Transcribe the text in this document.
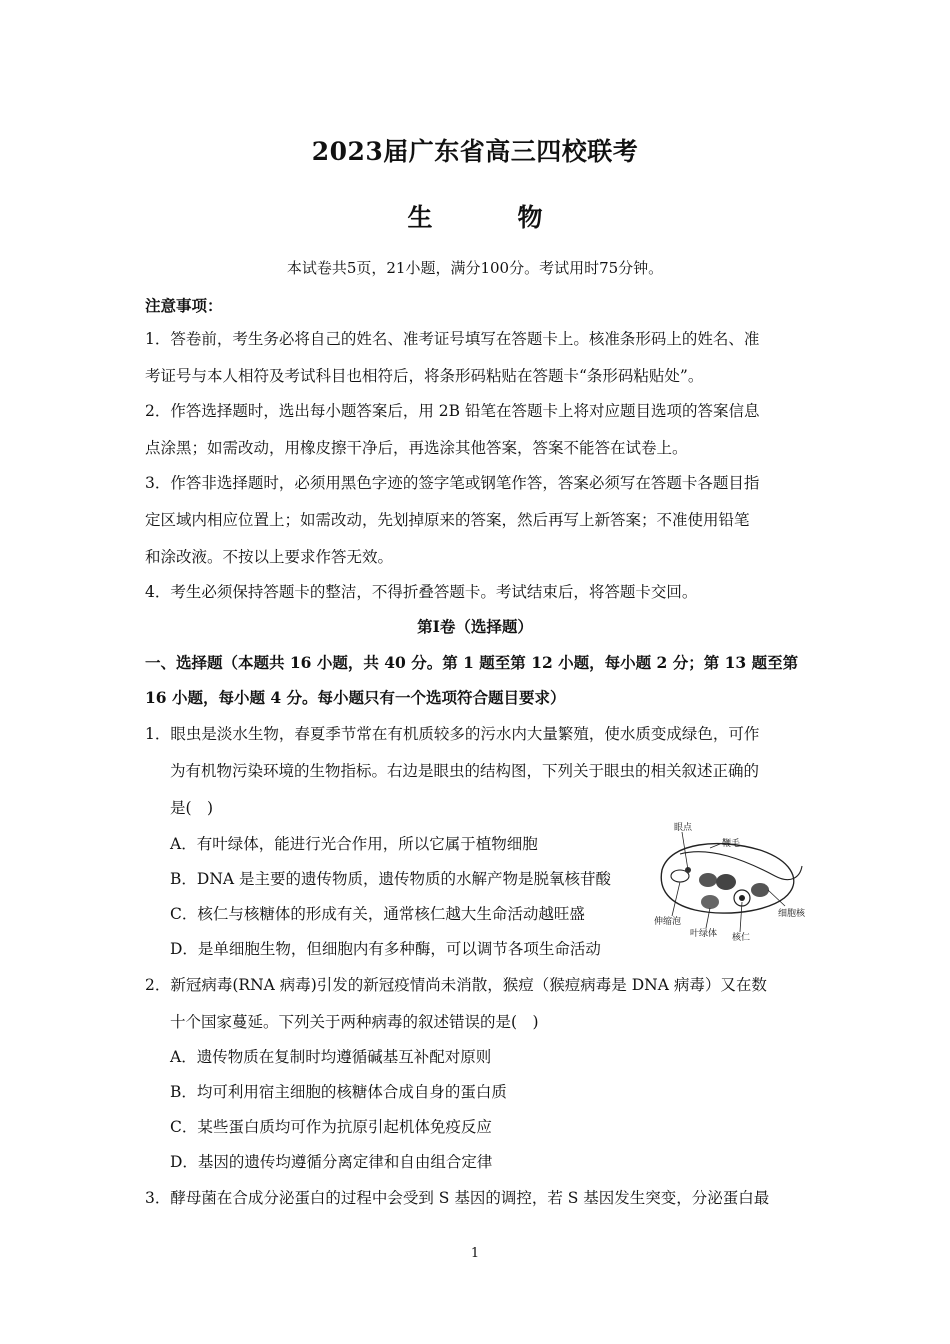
2023届广东省高三四校联考
生　物
本试卷共5页，21小题，满分100分。考试用时75分钟。
注意事项：
1．答卷前，考生务必将自己的姓名、准考证号填写在答题卡上。核准条形码上的姓名、准
考证号与本人相符及考试科目也相符后，将条形码粘贴在答题卡“条形码粘贴处”。
2．作答选择题时，选出每小题答案后，用 2B 铅笔在答题卡上将对应题目选项的答案信息
点涂黑；如需改动，用橡皮擦干净后，再选涂其他答案，答案不能答在试卷上。
3．作答非选择题时，必须用黑色字迹的签字笔或钢笔作答，答案必须写在答题卡各题目指
定区域内相应位置上；如需改动，先划掉原来的答案，然后再写上新答案；不准使用铅笔
和涂改液。不按以上要求作答无效。
4．考生必须保持答题卡的整洁，不得折叠答题卡。考试结束后，将答题卡交回。
第Ⅰ卷（选择题）
一、选择题（本题共 16 小题，共 40 分。第 1 题至第 12 小题，每小题 2 分；第 13 题至第
16 小题，每小题 4 分。每小题只有一个选项符合题目要求）
1．眼虫是淡水生物，春夏季节常在有机质较多的污水内大量繁殖，使水质变成绿色，可作
为有机物污染环境的生物指标。右边是眼虫的结构图，下列关于眼虫的相关叙述正确的
是(　)
A．有叶绿体，能进行光合作用，所以它属于植物细胞
B．DNA 是主要的遗传物质，遗传物质的水解产物是脱氧核苷酸
C．核仁与核糖体的形成有关，通常核仁越大生命活动越旺盛
D．是单细胞生物，但细胞内有多种酶，可以调节各项生命活动
眼点
鞭毛
细胞核
伸缩泡
叶绿体 核仁
2．新冠病毒(RNA 病毒)引发的新冠疫情尚未消散，猴痘（猴痘病毒是 DNA 病毒）又在数
十个国家蔓延。下列关于两种病毒的叙述错误的是(　)
A．遗传物质在复制时均遵循碱基互补配对原则
B．均可利用宿主细胞的核糖体合成自身的蛋白质
C．某些蛋白质均可作为抗原引起机体免疫反应
D．基因的遗传均遵循分离定律和自由组合定律
3．酵母菌在合成分泌蛋白的过程中会受到 S 基因的调控，若 S 基因发生突变，分泌蛋白最
1
